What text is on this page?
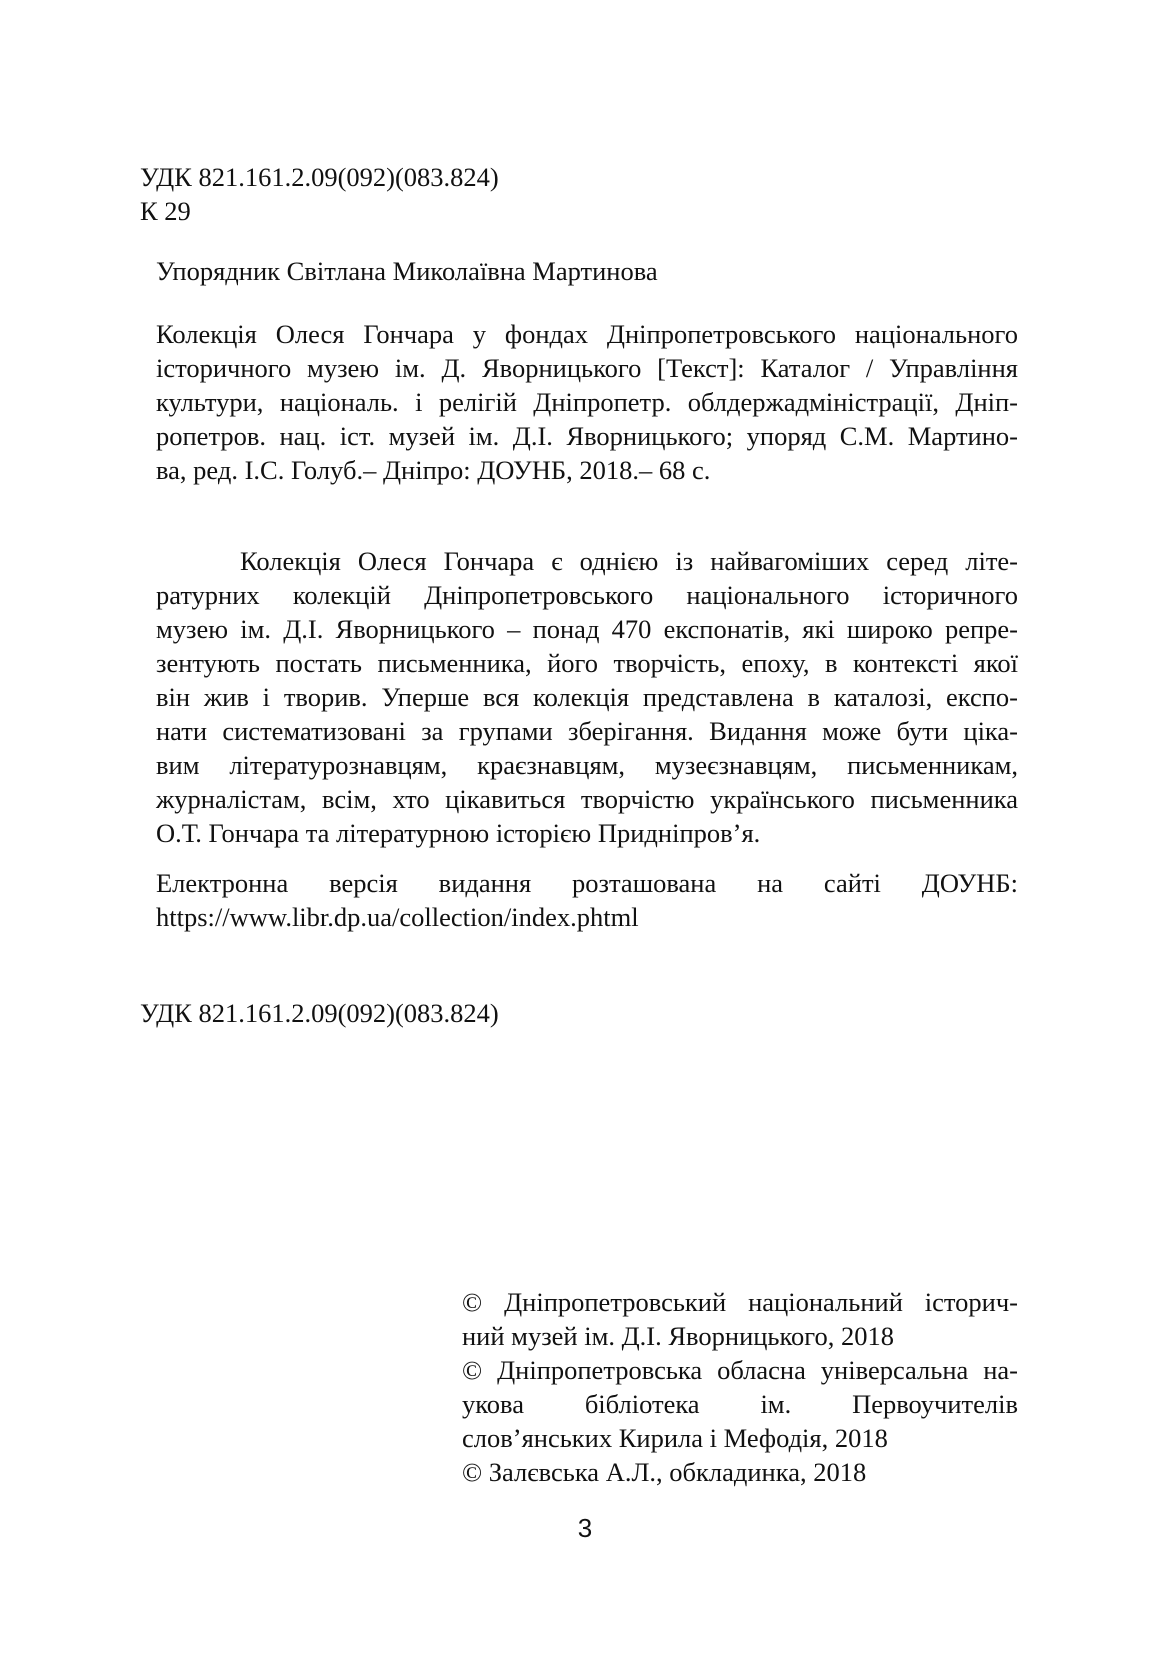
УДК 821.161.2.09(092)(083.824)
К 29
Упорядник Світлана Миколаївна Мартинова
Колекція Олеся Гончара у фондах Дніпропетровського національного
історичного музею ім. Д. Яворницького [Текст]: Каталог / Управління
культури, національ. і релігій Дніпропетр. облдержадміністрації, Дніп-
ропетров. нац. іст. музей ім. Д.І. Яворницького; упоряд С.М. Мартино-
ва, ред. І.С. Голуб.– Дніпро: ДОУНБ, 2018.– 68 с.
Колекція Олеся Гончара є однією із найвагоміших серед літе-
ратурних колекцій Дніпропетровського національного історичного
музею ім. Д.І. Яворницького – понад 470 експонатів, які широко репре-
зентують постать письменника, його творчість, епоху, в контексті якої
він жив і творив. Уперше вся колекція представлена в каталозі, експо-
нати систематизовані за групами зберігання. Видання може бути ціка-
вим літературознавцям, краєзнавцям, музеєзнавцям, письменникам,
журналістам, всім, хто цікавиться творчістю українського письменника
О.Т. Гончара та літературною історією Придніпров’я.
Електронна версія видання розташована на сайті ДОУНБ:
https://www.libr.dp.ua/collection/index.phtml
УДК 821.161.2.09(092)(083.824)
© Дніпропетровський національний історич-
ний музей ім. Д.І. Яворницького, 2018
© Дніпропетровська обласна універсальна на-
укова бібліотека ім. Первоучителів
слов’янських Кирила і Мефодія, 2018
© Залєвська А.Л., обкладинка, 2018
3
